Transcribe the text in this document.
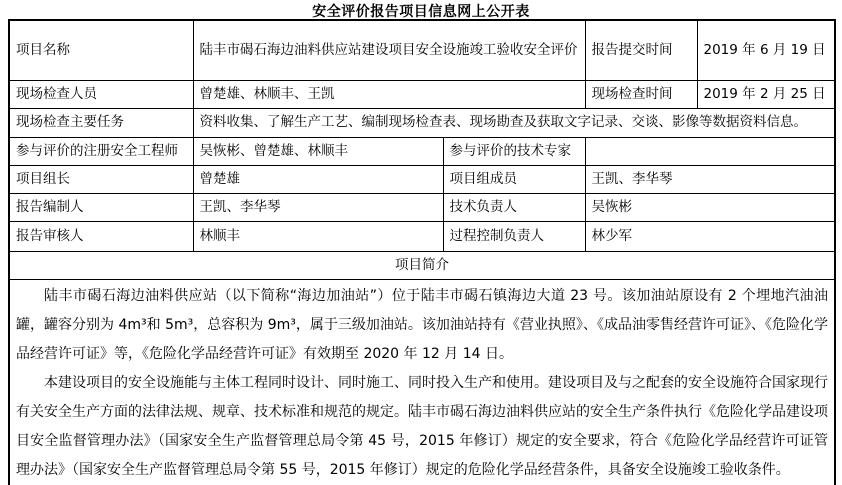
安全评价报告项目信息网上公开表
项目名称	陆丰市碣石海边油料供应站建设项目安全设施竣工验收安全评价		报告提交时间	2019 年 6 月 19 日
现场检查人员	曾楚雄、林顺丰、王凯		现场检查时间	2019 年 2 月 25 日
现场检查主要任务	资料收集、了解生产工艺、编制现场检查表、现场勘查及获取文字记录、交谈、影像等数据资料信息。			
参与评价的注册安全工程师	吴恢彬、曾楚雄、林顺丰	参与评价的技术专家		
项目组长	曾楚雄	项目组成员	王凯、李华琴	
报告编制人	王凯、李华琴	技术负责人	吴恢彬	
报告审核人	林顺丰	过程控制负责人	林少军	
项目简介				

陆丰市碣石海边油料供应站（以下简称“海边加油站”）位于陆丰市碣石镇海边大道 23 号。该加油站原设有 2 个埋地汽油油罐，罐容分别为 4m³和 5m³，总容积为 9m³，属于三级加油站。该加油站持有《营业执照》、《成品油零售经营许可证》、《危险化学品经营许可证》等，《危险化学品经营许可证》有效期至 2020 年 12 月 14 日。

本建设项目的安全设施能与主体工程同时设计、同时施工、同时投入生产和使用。建设项目及与之配套的安全设施符合国家现行有关安全生产方面的法律法规、规章、技术标准和规范的规定。陆丰市碣石海边油料供应站的安全生产条件执行《危险化学品建设项目安全监督管理办法》（国家安全生产监督管理总局令第 45 号，2015 年修订）规定的安全要求，符合《危险化学品经营许可证管理办法》（国家安全生产监督管理总局令第 55 号，2015 年修订）规定的危险化学品经营条件，具备安全设施竣工验收条件。				
